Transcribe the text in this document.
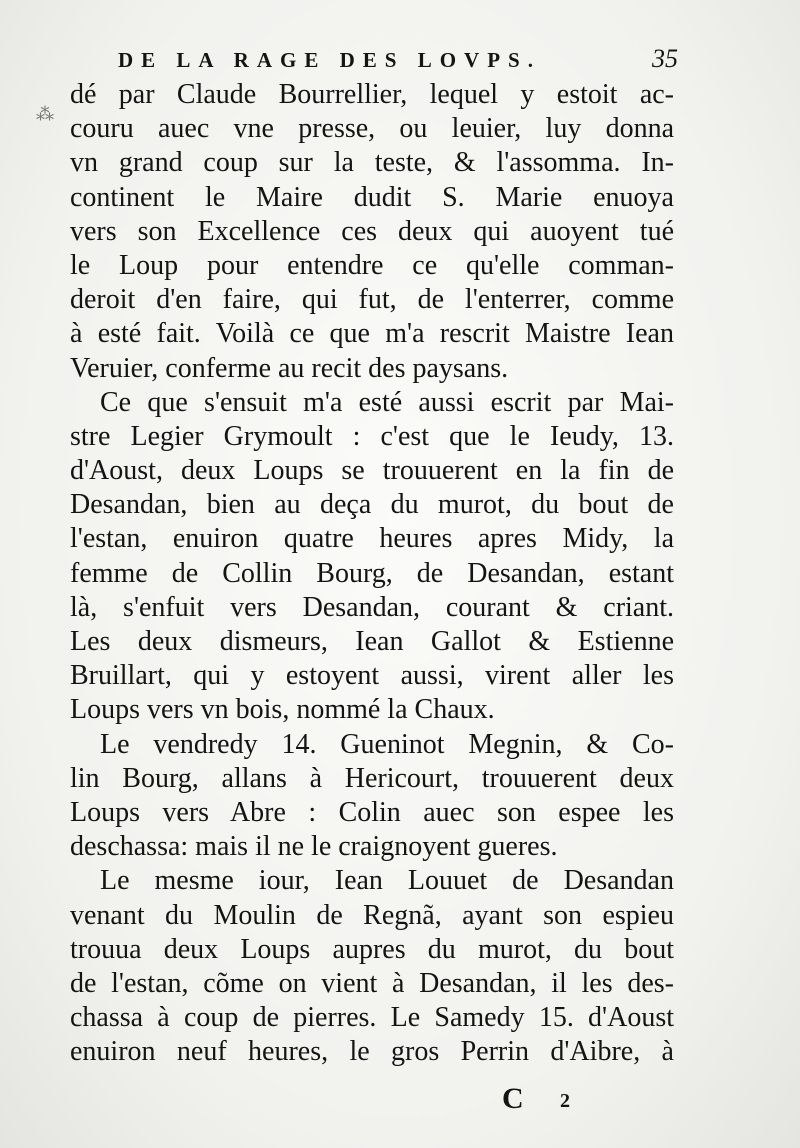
⁂
DE LA RAGE DES LOVPS.	35
dé par Claude Bourrellier, lequel y estoit ac-
couru auec vne presse, ou leuier, luy donna
vn grand coup sur la teste, & l'assomma. In-
continent le Maire dudit S. Marie enuoya
vers son Excellence ces deux qui auoyent tué
le Loup pour entendre ce qu'elle comman-
deroit d'en faire, qui fut, de l'enterrer, comme
à esté fait. Voilà ce que m'a rescrit Maistre Iean
Veruier, conferme au recit des paysans.
Ce que s'ensuit m'a esté aussi escrit par Mai-
stre Legier Grymoult : c'est que le Ieudy, 13.
d'Aoust, deux Loups se trouuerent en la fin de
Desandan, bien au deça du murot, du bout de
l'estan, enuiron quatre heures apres Midy, la
femme de Collin Bourg, de Desandan, estant
là, s'enfuit vers Desandan, courant & criant.
Les deux dismeurs, Iean Gallot & Estienne
Bruillart, qui y estoyent aussi, virent aller les
Loups vers vn bois, nommé la Chaux.
Le vendredy 14. Gueninot Megnin, & Co-
lin Bourg, allans à Hericourt, trouuerent deux
Loups vers Abre : Colin auec son espee les
deschassa: mais il ne le craignoyent gueres.
Le mesme iour, Iean Louuet de Desandan
venant du Moulin de Regnã, ayant son espieu
trouua deux Loups aupres du murot, du bout
de l'estan, cõme on vient à Desandan, il les des-
chassa à coup de pierres. Le Samedy 15. d'Aoust
enuiron neuf heures, le gros Perrin d'Aibre, à
C 2
